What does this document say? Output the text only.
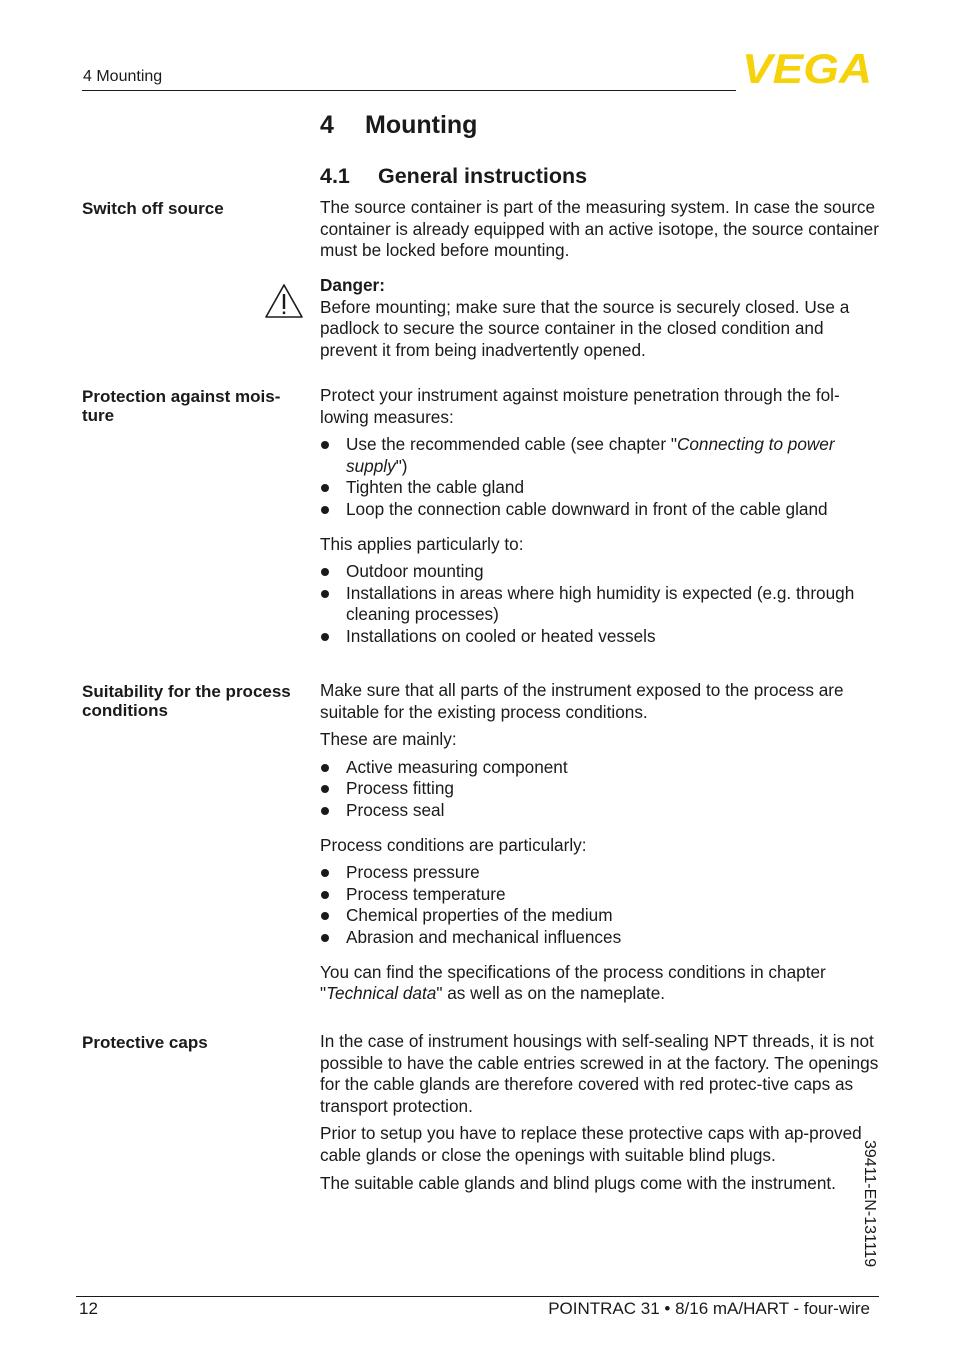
4 Mounting	VEGA
4 Mounting
4.1 General instructions
Switch off source	The source container is part of the measuring system. In case the source container is already equipped with an active isotope, the source container must be locked before mounting.

Danger:

Before mounting; make sure that the source is securely closed. Use a padlock to secure the source container in the closed condition and prevent it from being inadvertently opened.

Protection against mois-
ture

Protect your instrument against moisture penetration through the fol-lowing measures:

Use the recommended cable (see chapter "Connecting to power supply")
Tighten the cable gland
Loop the connection cable downward in front of the cable gland

This applies particularly to:

Outdoor mounting
Installations in areas where high humidity is expected (e.g. through cleaning processes)
Installations on cooled or heated vessels
Suitability for the process
conditions

Make sure that all parts of the instrument exposed to the process are suitable for the existing process conditions.

These are mainly:

Active measuring component
Process fitting
Process seal

Process conditions are particularly:

Process pressure
Process temperature
Chemical properties of the medium
Abrasion and mechanical influences

You can find the specifications of the process conditions in chapter "Technical data" as well as on the nameplate.

Protective caps	In the case of instrument housings with self-sealing NPT threads, it is not possible to have the cable entries screwed in at the factory. The openings for the cable glands are therefore covered with red protec-tive caps as transport protection.

Prior to setup you have to replace these protective caps with ap-proved cable glands or close the openings with suitable blind plugs.

The suitable cable glands and blind plugs come with the instrument.	39411-EN-131119
12	POINTRAC 31 • 8/16 mA/HART - four-wire
